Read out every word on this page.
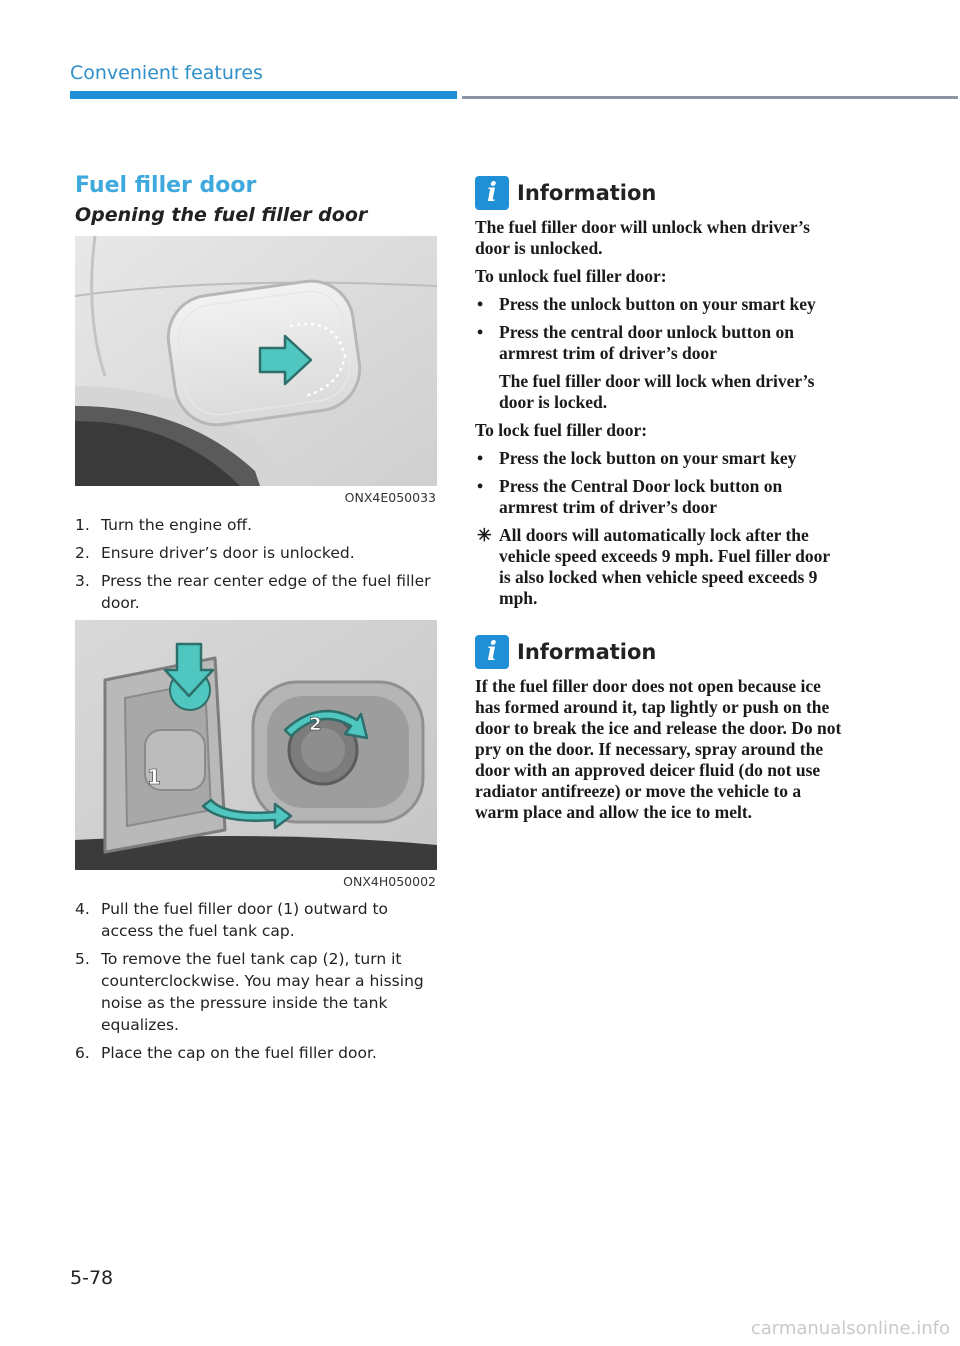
Convenient features
Fuel filler door
Opening the fuel filler door
ONX4E050033
1. Turn the engine off.
2. Ensure driver’s door is unlocked.
3. Press the rear center edge of the fuel filler door.
1
2
ONX4H050002
4. Pull the fuel filler door (1) outward to access the fuel tank cap.
5. To remove the fuel tank cap (2), turn it counterclockwise. You may hear a hissing noise as the pressure inside the tank equalizes.
6. Place the cap on the fuel filler door.
i Information

The fuel filler door will unlock when driver’s door is unlocked.

To unlock fuel filler door:

• Press the unlock button on your smart key
• Press the central door unlock button on armrest trim of driver’s door
The fuel filler door will lock when driver’s door is locked.

To lock fuel filler door:

• Press the lock button on your smart key
• Press the Central Door lock button on armrest trim of driver’s door
✳ All doors will automatically lock after the vehicle speed exceeds 9 mph. Fuel filler door is also locked when vehicle speed exceeds 9 mph.
i Information

If the fuel filler door does not open because ice has formed around it, tap lightly or push on the door to break the ice and release the door. Do not pry on the door. If necessary, spray around the door with an approved deicer fluid (do not use radiator antifreeze) or move the vehicle to a warm place and allow the ice to melt.

5-78
carmanualsonline.info
